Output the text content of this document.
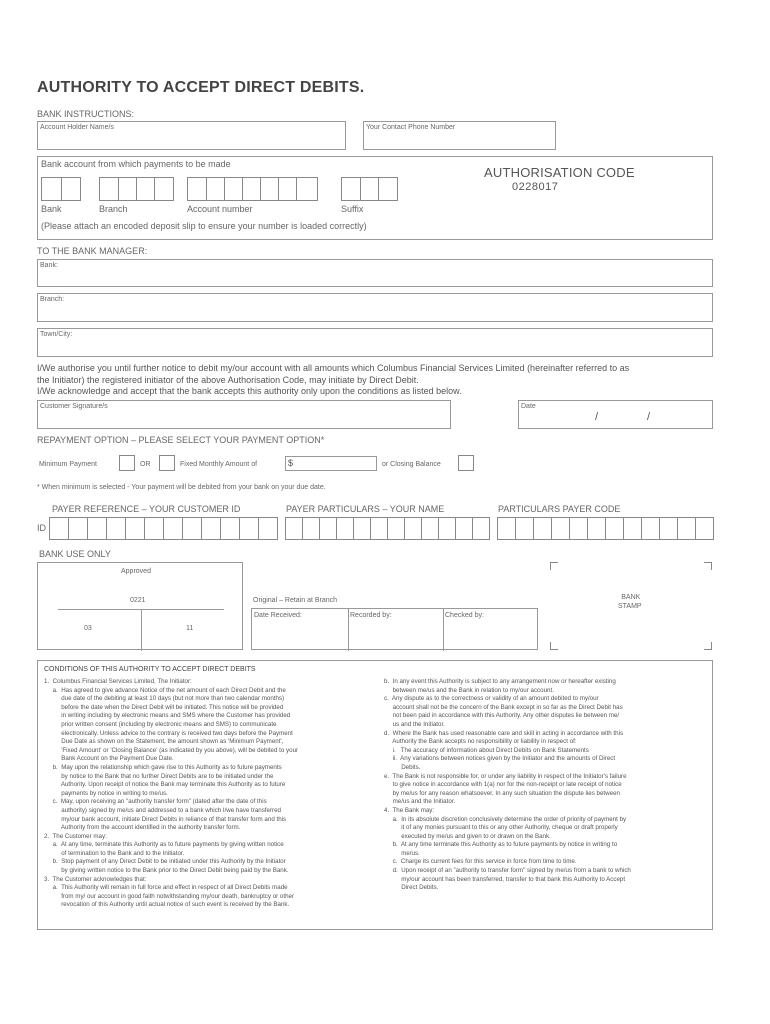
AUTHORITY TO ACCEPT DIRECT DEBITS.
BANK INSTRUCTIONS:
Account Holder Name/s	Your Contact Phone Number
Bank account from which payments to be made
Bank	Branch	Account number	Suffix
(Please attach an encoded deposit slip to ensure your number is loaded correctly)
AUTHORISATION CODE
0228017
TO THE BANK MANAGER:
Bank:
Branch:
Town/City:
I/We authorise you until further notice to debit my/our account with all amounts which Columbus Financial Services Limited (hereinafter referred to as
the Initiator) the registered initiator of the above Authorisation Code, may initiate by Direct Debit.
I/We acknowledge and accept that the bank accepts this authority only upon the conditions as listed below.
Customer Signature/s	Date
/	/
REPAYMENT OPTION – PLEASE SELECT YOUR PAYMENT OPTION*
Minimum Payment	OR	Fixed Monthly Amount of	$	or Closing Balance
* When minimum is selected - Your payment will be debited from your bank on your due date.
PAYER REFERENCE – YOUR CUSTOMER ID	PAYER PARTICULARS – YOUR NAME	PARTICULARS PAYER CODE
ID
BANK USE ONLY
Approved
0221
03	11
Original – Retain at Branch
Date Received:	Recorded by:	Checked by:
BANK
STAMP
CONDITIONS OF THIS AUTHORITY TO ACCEPT DIRECT DEBITS
1.  Columbus Financial Services Limited, The Initiator:
a.  Has agreed to give advance Notice of the net amount of each Direct Debit and the
due date of the debiting at least 10 days (but not more than two calendar months)
before the date when the Direct Debit will be initiated. This notice will be provided
in writing including by electronic means and SMS where the Customer has provided
prior written consent (including by electronic means and SMS) to communicate
electronically. Unless advice to the contrary is received two days before the Payment
Due Date as shown on the Statement, the amount shown as 'Minimum Payment',
'Fixed Amount' or 'Closing Balance' (as indicated by you above), will be debited to your
Bank Account on the Payment Due Date.
b.  May upon the relationship which gave rise to this Authority as to future payments
by notice to the Bank that no further Direct Debits are to be initiated under the
Authority. Upon receipt of notice the Bank may terminate this Authority as to future
payments by notice in writing to me/us.
c.  May, upon receiving an "authority transfer form" (dated after the date of this
authority) signed by me/us and addressed to a bank which I/we have transferred
my/our bank account, initiate Direct Debits in reliance of that transfer form and this
Authority from the account identified in the authority transfer form.
2.  The Customer may:
a.  At any time, terminate this Authority as to future payments by giving written notice
of termination to the Bank and to the Initiator.
b.  Stop payment of any Direct Debit to be initiated under this Authority by the Initiator
by giving written notice to the Bank prior to the Direct Debit being paid by the Bank.
3.  The Customer acknowledges that:
a.  This Authority will remain in full force and effect in respect of all Direct Debits made
from my/ our account in good faith notwithstanding my/our death, bankruptcy or other
revocation of this Authority until actual notice of such event is received by the Bank.
b.  In any event this Authority is subject to any arrangement now or hereafter existing
between me/us and the Bank in relation to my/our account.
c.  Any dispute as to the correctness or validity of an amount debited to my/our
account shall not be the concern of the Bank except in so far as the Direct Debit has
not been paid in accordance with this Authority. Any other disputes lie between me/
us and the Initiator.
d.  Where the Bank has used reasonable care and skill in acting in accordance with this
Authority the Bank accepts no responsibility or liability in respect of:
i.   The accuracy of information about Direct Debits on Bank Statements
ii.  Any variations between notices given by the Initiator and the amounts of Direct
Debits.
e.  The Bank is not responsible for, or under any liability in respect of the Initiator's failure
to give notice in accordance with 1(a) nor for the non-receipt or late receipt of notice
by me/us for any reason whatsoever. In any such situation the dispute lies between
me/us and the Initiator.
4.  The Bank may:
a.  In its absolute discretion conclusively determine the order of priority of payment by
it of any monies pursuant to this or any other Authority, cheque or draft properly
executed by me/us and given to or drawn on the Bank.
b.  At any time terminate this Authority as to future payments by notice in writing to
me/us.
c.  Charge its current fees for this service in force from time to time.
d.  Upon receipt of an "authority to transfer form" signed by me/us from a bank to which
my/our account has been transferred, transfer to that bank this Authority to Accept
Direct Debits.
